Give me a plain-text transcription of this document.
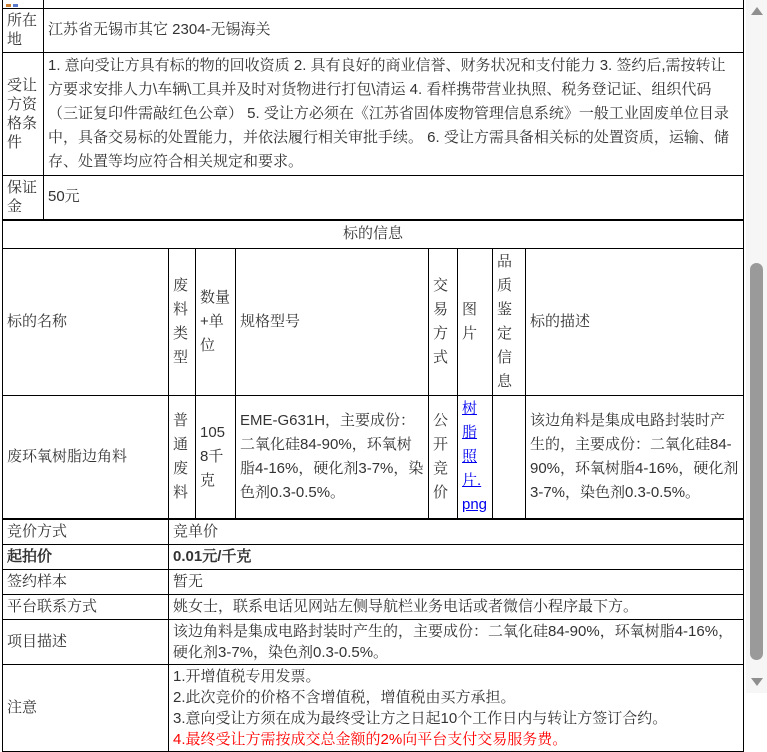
所在地	江苏省无锡市其它 2304-无锡海关
受让方资格条件	1. 意向受让方具有标的物的回收资质 2. 具有良好的商业信誉、财务状况和支付能力 3. 签约后,需按转让方要求安排人力\车辆\工具并及时对货物进行打包\清运 4. 看样携带营业执照、税务登记证、组织代码（三证复印件需敲红色公章） 5. 受让方必须在《江苏省固体废物管理信息系统》一般工业固废单位目录中，具备交易标的处置能力，并依法履行相关审批手续。 6. 受让方需具备相关标的处置资质，运输、储存、处置等均应符合相关规定和要求。
保证金	50元
标的信息							
标的名称	废料类型	数量+单位	规格型号	交易方式	图片	品质鉴定信息	标的描述
废环氧树脂边角料	普通废料	1058千克	EME-G631H，主要成份：二氧化硅84-90%，环氧树脂4-16%，硬化剂3-7%，染色剂0.3-0.5%。	公开竞价	树脂照片.png		该边角料是集成电路封装时产生的，主要成份：二氧化硅84-90%，环氧树脂4-16%，硬化剂3-7%，染色剂0.3-0.5%。
竞价方式	竞单价
起拍价	0.01元/千克
签约样本	暂无
平台联系方式	姚女士，联系电话见网站左侧导航栏业务电话或者微信小程序最下方。
项目描述	该边角料是集成电路封装时产生的，主要成份：二氧化硅84-90%，环氧树脂4-16%，硬化剂3-7%，染色剂0.3-0.5%。
注意	1.开增值税专用发票。
2.此次竞价的价格不含增值税，增值税由买方承担。
3.意向受让方须在成为最终受让方之日起10个工作日内与转让方签订合约。
4.最终受让方需按成交总金额的2%向平台支付交易服务费。
